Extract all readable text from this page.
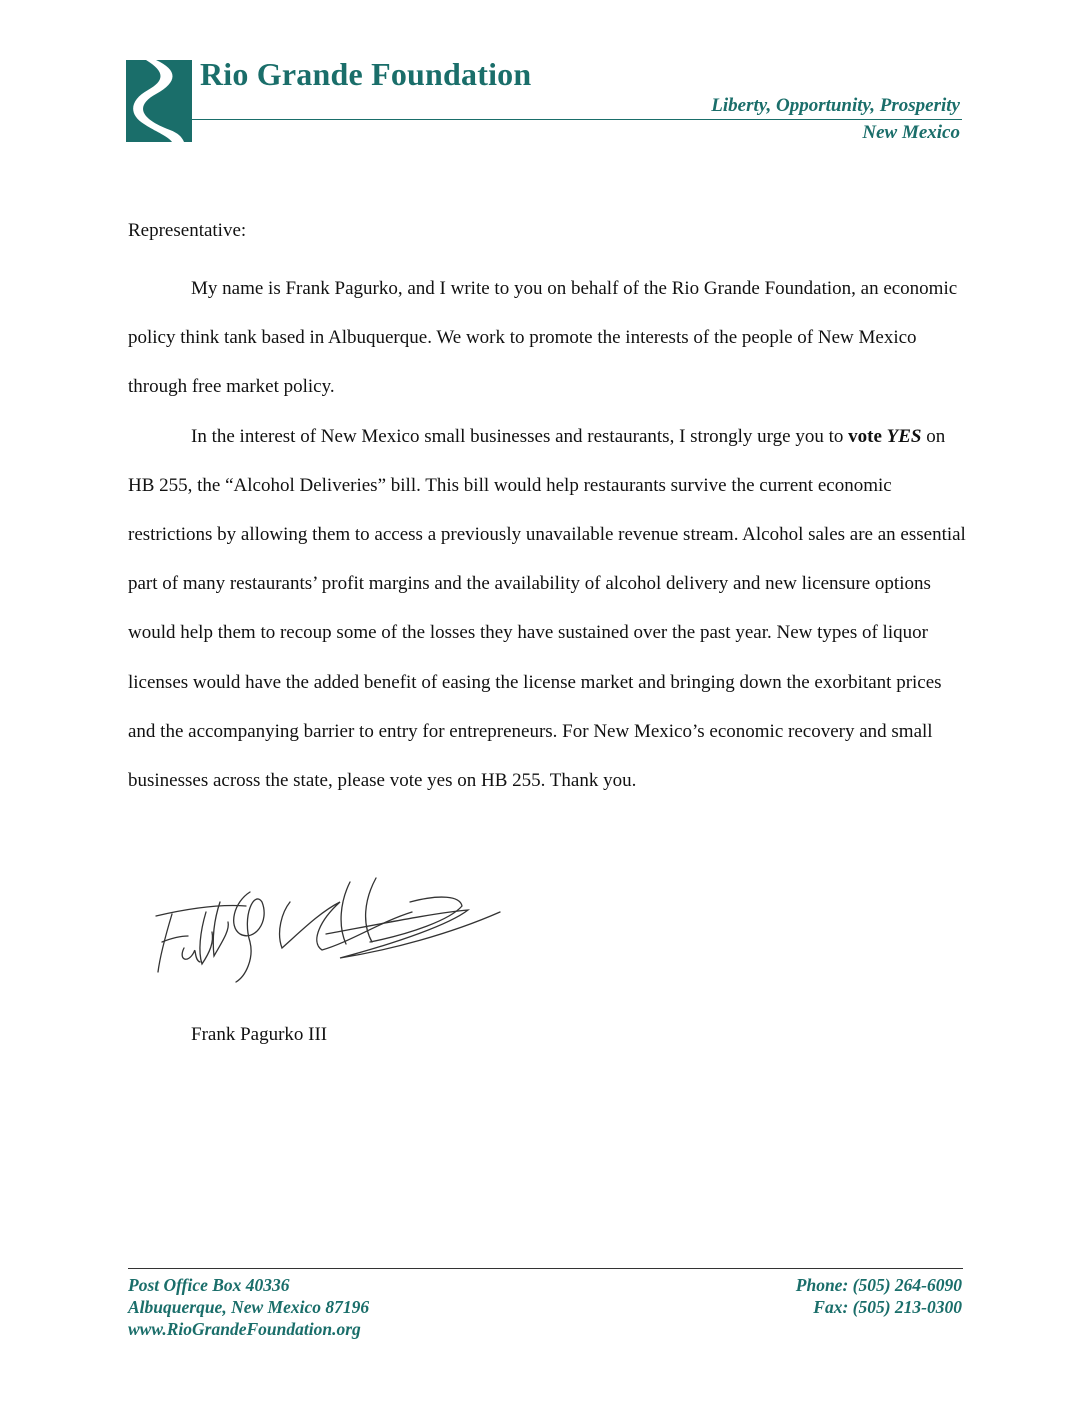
Rio Grande Foundation
Liberty, Opportunity, Prosperity
New Mexico
Representative:

My name is Frank Pagurko, and I write to you on behalf of the Rio Grande Foundation, an economic policy think tank based in Albuquerque. We work to promote the interests of the people of New Mexico through free market policy.

In the interest of New Mexico small businesses and restaurants, I strongly urge you to vote YES on HB 255, the “Alcohol Deliveries” bill. This bill would help restaurants survive the current economic restrictions by allowing them to access a previously unavailable revenue stream. Alcohol sales are an essential part of many restaurants’ profit margins and the availability of alcohol delivery and new licensure options would help them to recoup some of the losses they have sustained over the past year. New types of liquor licenses would have the added benefit of easing the license market and bringing down the exorbitant prices and the accompanying barrier to entry for entrepreneurs. For New Mexico’s economic recovery and small businesses across the state, please vote yes on HB 255. Thank you.

Frank Pagurko III
Post Office Box 40336
Albuquerque, New Mexico 87196
www.RioGrandeFoundation.org
Phone: (505) 264-6090
Fax: (505) 213-0300
